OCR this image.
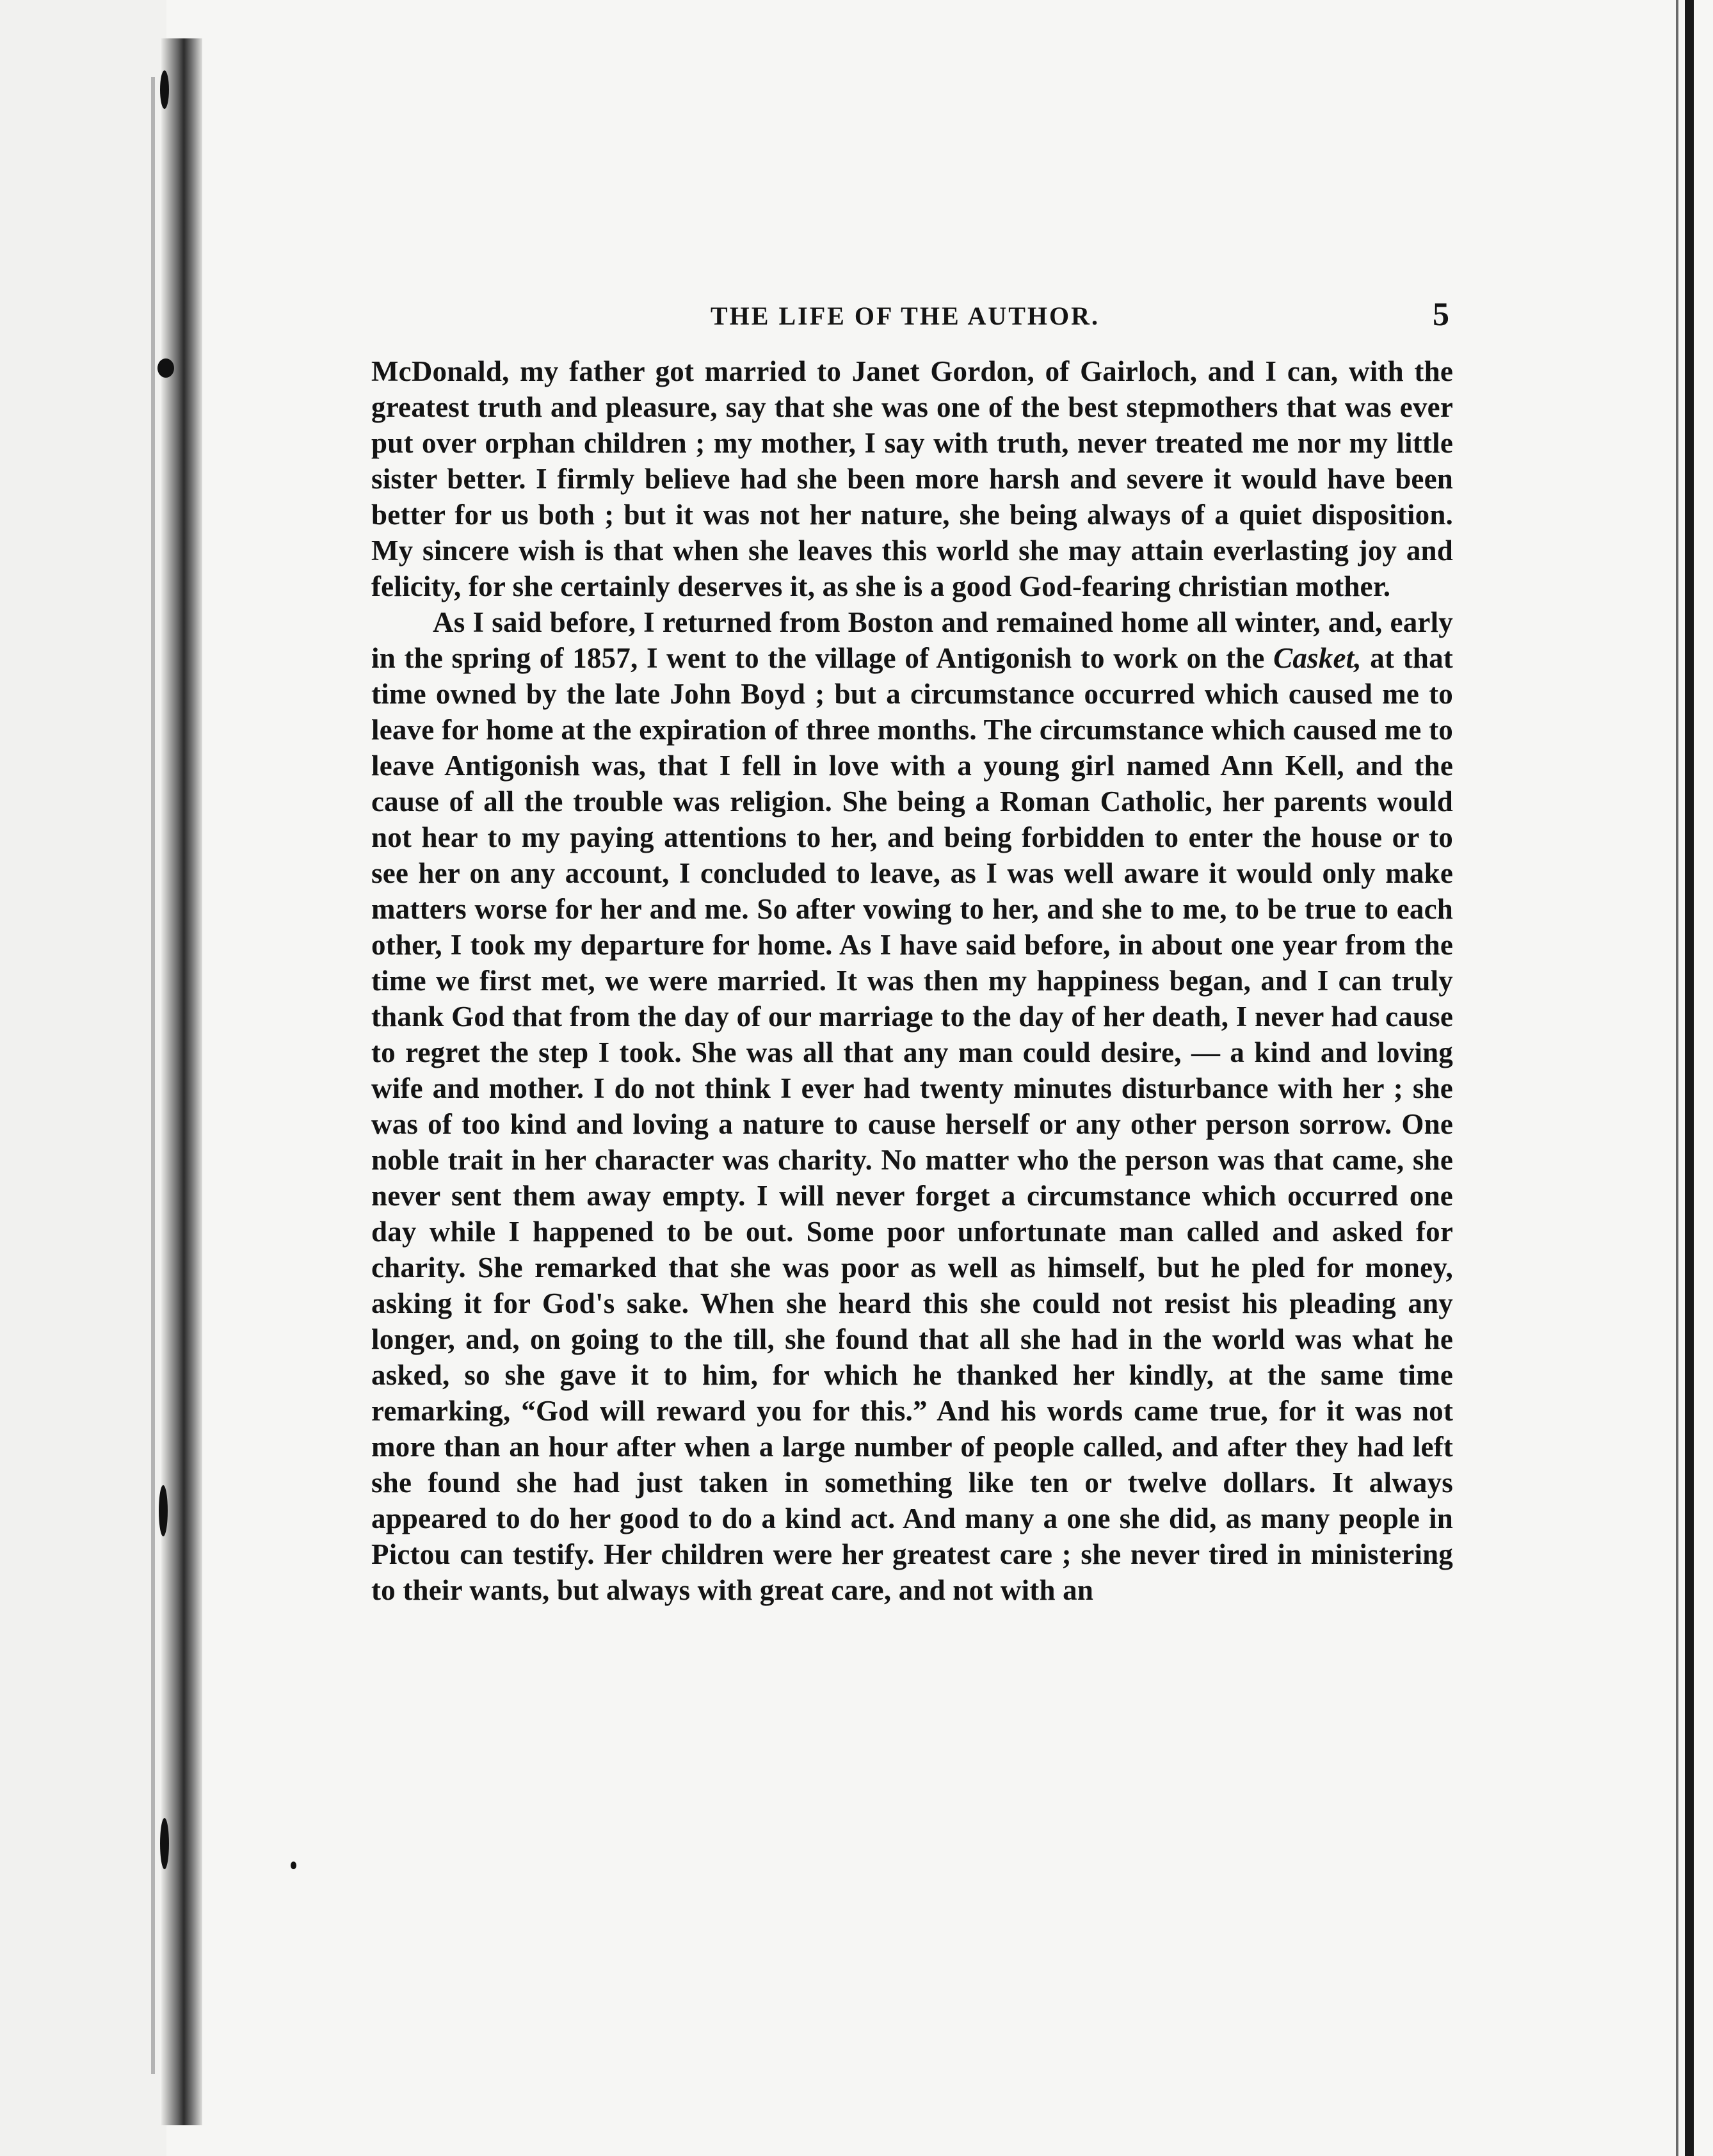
THE LIFE OF THE AUTHOR.	5

McDonald, my father got married to Janet Gordon, of Gairloch, and I can, with the greatest truth and pleasure, say that she was one of the best stepmothers that was ever put over orphan children ; my mother, I say with truth, never treated me nor my little sister better. I firmly believe had she been more harsh and severe it would have been better for us both ; but it was not her nature, she being always of a quiet disposition. My sincere wish is that when she leaves this world she may attain everlasting joy and felicity, for she certainly deserves it, as she is a good God-fearing christian mother.

As I said before, I returned from Boston and remained home all winter, and, early in the spring of 1857, I went to the village of Antigonish to work on the Casket, at that time owned by the late John Boyd ; but a circumstance occurred which caused me to leave for home at the expiration of three months. The circumstance which caused me to leave Antigonish was, that I fell in love with a young girl named Ann Kell, and the cause of all the trouble was religion. She being a Roman Catholic, her parents would not hear to my paying attentions to her, and being forbidden to enter the house or to see her on any account, I concluded to leave, as I was well aware it would only make matters worse for her and me. So after vowing to her, and she to me, to be true to each other, I took my departure for home. As I have said before, in about one year from the time we first met, we were married. It was then my happiness began, and I can truly thank God that from the day of our marriage to the day of her death, I never had cause to regret the step I took. She was all that any man could desire, — a kind and loving wife and mother. I do not think I ever had twenty minutes disturbance with her ; she was of too kind and loving a nature to cause herself or any other person sorrow. One noble trait in her character was charity. No matter who the person was that came, she never sent them away empty. I will never forget a circumstance which occurred one day while I happened to be out. Some poor unfortunate man called and asked for charity. She remarked that she was poor as well as himself, but he pled for money, asking it for God's sake. When she heard this she could not resist his pleading any longer, and, on going to the till, she found that all she had in the world was what he asked, so she gave it to him, for which he thanked her kindly, at the same time remarking, “God will reward you for this.” And his words came true, for it was not more than an hour after when a large number of people called, and after they had left she found she had just taken in something like ten or twelve dollars. It always appeared to do her good to do a kind act. And many a one she did, as many people in Pictou can testify. Her children were her greatest care ; she never tired in ministering to their wants, but always with great care, and not with an
